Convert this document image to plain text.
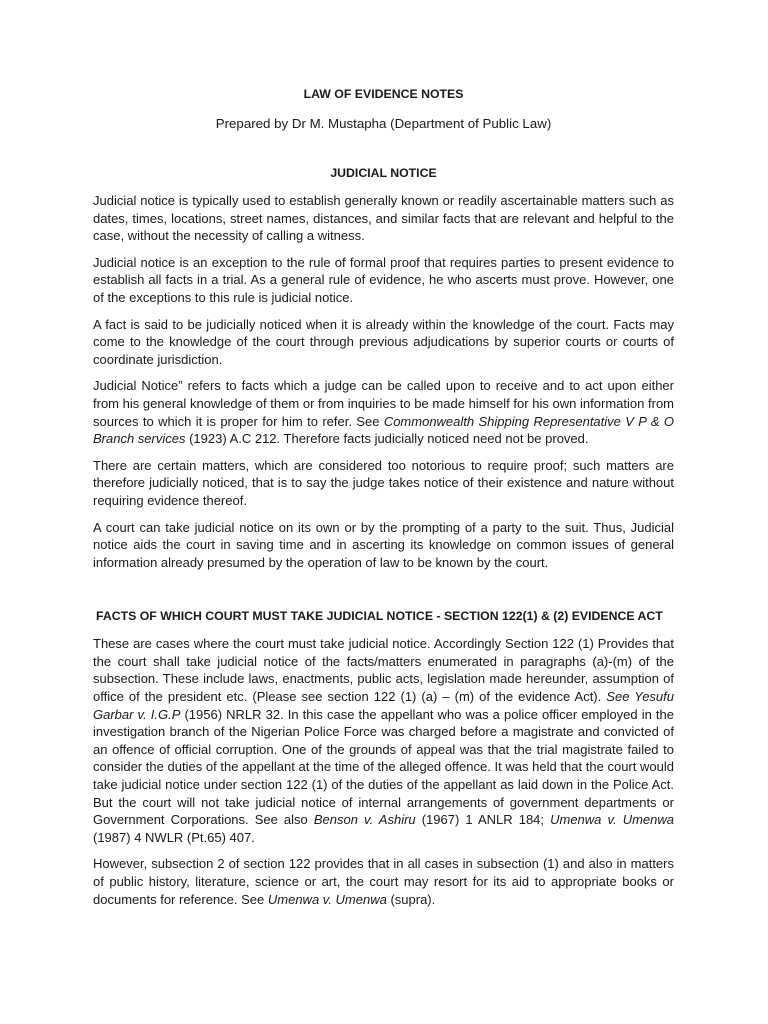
LAW OF EVIDENCE NOTES
Prepared by Dr M. Mustapha (Department of Public Law)
JUDICIAL NOTICE

Judicial notice is typically used to establish generally known or readily ascertainable matters such as dates, times, locations, street names, distances, and similar facts that are relevant and helpful to the case, without the necessity of calling a witness.

Judicial notice is an exception to the rule of formal proof that requires parties to present evidence to establish all facts in a trial. As a general rule of evidence, he who ascerts must prove. However, one of the exceptions to this rule is judicial notice.

A fact is said to be judicially noticed when it is already within the knowledge of the court. Facts may come to the knowledge of the court through previous adjudications by superior courts or courts of coordinate jurisdiction.

Judicial Notice” refers to facts which a judge can be called upon to receive and to act upon either from his general knowledge of them or from inquiries to be made himself for his own information from sources to which it is proper for him to refer. See Commonwealth Shipping Representative V P & O Branch services (1923) A.C 212. Therefore facts judicially noticed need not be proved.

There are certain matters, which are considered too notorious to require proof; such matters are therefore judicially noticed, that is to say the judge takes notice of their existence and nature without requiring evidence thereof.

A court can take judicial notice on its own or by the prompting of a party to the suit. Thus, Judicial notice aids the court in saving time and in ascerting its knowledge on common issues of general information already presumed by the operation of law to be known by the court.

FACTS OF WHICH COURT MUST TAKE JUDICIAL NOTICE - SECTION 122(1) & (2) EVIDENCE ACT

These are cases where the court must take judicial notice. Accordingly Section 122 (1) Provides that the court shall take judicial notice of the facts/matters enumerated in paragraphs (a)-(m) of the subsection. These include laws, enactments, public acts, legislation made hereunder, assumption of office of the president etc. (Please see section 122 (1) (a) – (m) of the evidence Act). See Yesufu Garbar v. I.G.P (1956) NRLR 32. In this case the appellant who was a police officer employed in the investigation branch of the Nigerian Police Force was charged before a magistrate and convicted of an offence of official corruption. One of the grounds of appeal was that the trial magistrate failed to consider the duties of the appellant at the time of the alleged offence. It was held that the court would take judicial notice under section 122 (1) of the duties of the appellant as laid down in the Police Act. But the court will not take judicial notice of internal arrangements of government departments or Government Corporations. See also Benson v. Ashiru (1967) 1 ANLR 184; Umenwa v. Umenwa (1987) 4 NWLR (Pt.65) 407.

However, subsection 2 of section 122 provides that in all cases in subsection (1) and also in matters of public history, literature, science or art, the court may resort for its aid to appropriate books or documents for reference. See Umenwa v. Umenwa (supra).
